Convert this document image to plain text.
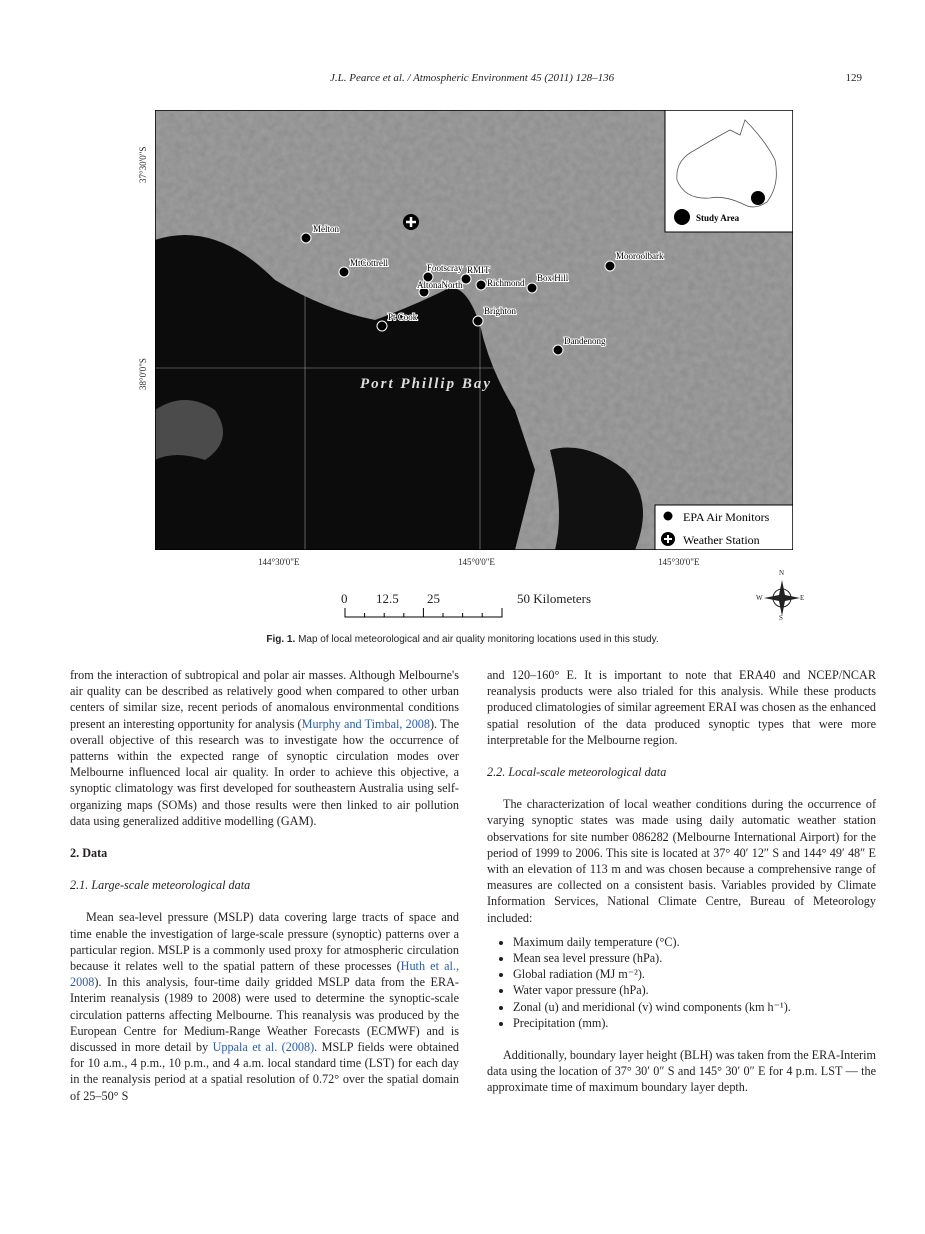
J.L. Pearce et al. / Atmospheric Environment 45 (2011) 128–136	129
Port Phillip Bay
Melton
MtCottrell	Footscray RMIT
AltonaNorth	Richmond Box Hill
Mooroolbark
Brighton
Pt Cook
Dandenong
Study Area
EPA Air Monitors
Weather Station
37°30'0"S
38°0'0"S
144°30'0"E	145°0'0"E	145°30'0"E
0 12.5 25	50 Kilometers
N
E
S
W
Fig. 1. Map of local meteorological and air quality monitoring locations used in this study.

from the interaction of subtropical and polar air masses. Although Melbourne's air quality can be described as relatively good when compared to other urban centers of similar size, recent periods of anomalous environmental conditions present an interesting opportunity for analysis (Murphy and Timbal, 2008). The overall objective of this research was to investigate how the occurrence of patterns within the expected range of synoptic circulation modes over Melbourne influenced local air quality. In order to achieve this objective, a synoptic climatology was first developed for southeastern Australia using self-organizing maps (SOMs) and those results were then linked to air pollution data using generalized additive modelling (GAM).

2. Data

2.1. Large-scale meteorological data

Mean sea-level pressure (MSLP) data covering large tracts of space and time enable the investigation of large-scale pressure (synoptic) patterns over a particular region. MSLP is a commonly used proxy for atmospheric circulation because it relates well to the spatial pattern of these processes (Huth et al., 2008). In this analysis, four-time daily gridded MSLP data from the ERA-Interim reanalysis (1989 to 2008) were used to determine the synoptic-scale circulation patterns affecting Melbourne. This reanalysis was produced by the European Centre for Medium-Range Weather Forecasts (ECMWF) and is discussed in more detail by Uppala et al. (2008). MSLP fields were obtained for 10 a.m., 4 p.m., 10 p.m., and 4 a.m. local standard time (LST) for each day in the reanalysis period at a spatial resolution of 0.72° over the spatial domain of 25–50° S

and 120–160° E. It is important to note that ERA40 and NCEP/NCAR reanalysis products were also trialed for this analysis. While these products produced climatologies of similar agreement ERAI was chosen as the enhanced spatial resolution of the data produced synoptic types that were more interpretable for the Melbourne region.

2.2. Local-scale meteorological data

The characterization of local weather conditions during the occurrence of varying synoptic states was made using daily automatic weather station observations for site number 086282 (Melbourne International Airport) for the period of 1999 to 2006. This site is located at 37° 40′ 12″ S and 144° 49′ 48″ E with an elevation of 113 m and was chosen because a comprehensive range of measures are collected on a consistent basis. Variables provided by Climate Information Services, National Climate Centre, Bureau of Meteorology included:

• Maximum daily temperature (°C).
• Mean sea level pressure (hPa).
• Global radiation (MJ m⁻²).
• Water vapor pressure (hPa).
• Zonal (u) and meridional (v) wind components (km h⁻¹).
• Precipitation (mm).

Additionally, boundary layer height (BLH) was taken from the ERA-Interim data using the location of 37° 30′ 0″ S and 145° 30′ 0″ E for 4 p.m. LST — the approximate time of maximum boundary layer depth.
